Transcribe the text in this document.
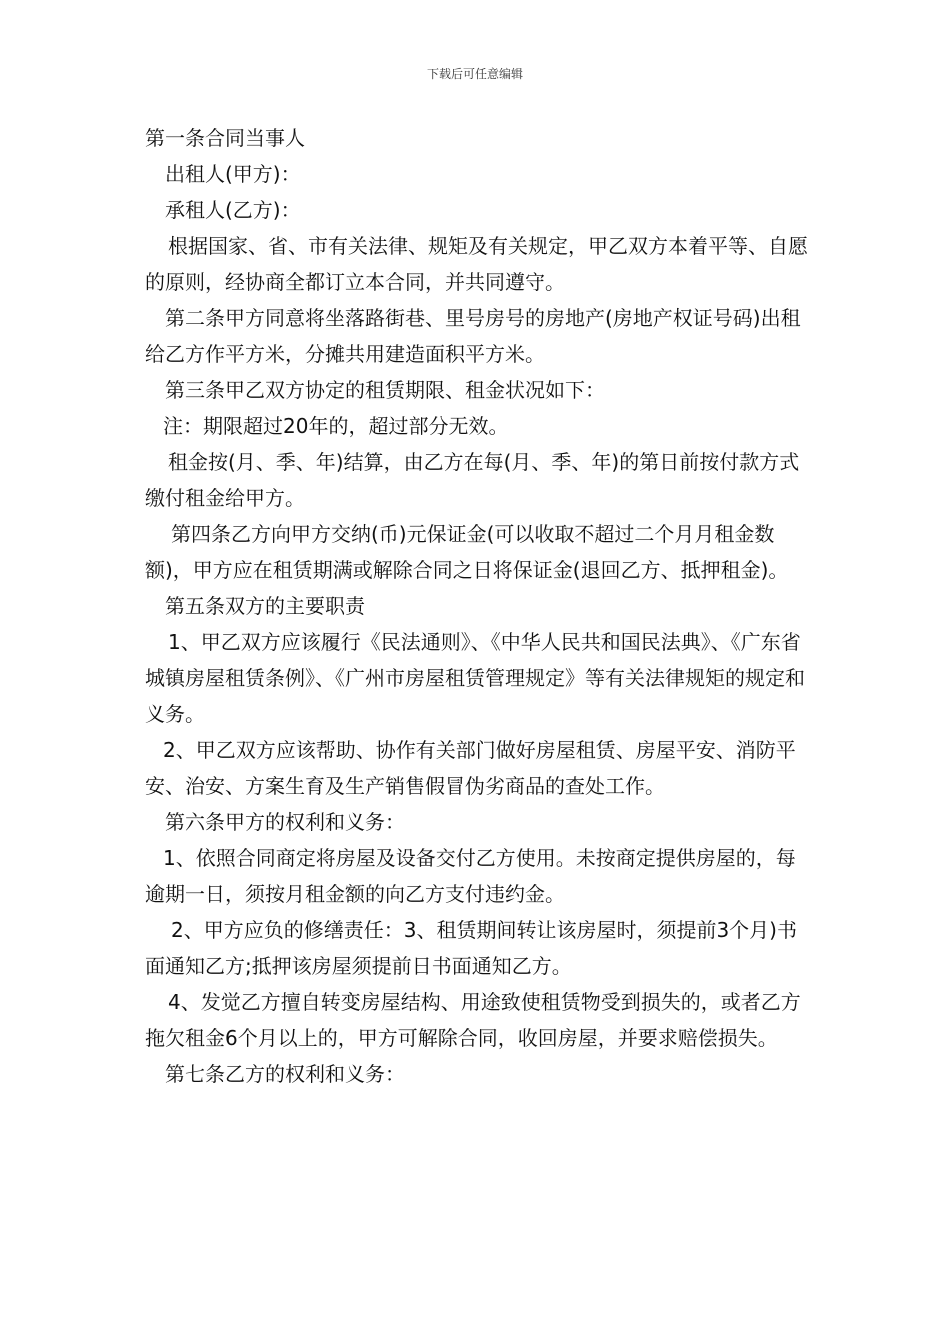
下载后可任意编辑

第一条合同当事人

出租人(甲方)：

承租人(乙方)：

根据国家、省、市有关法律、规矩及有关规定，甲乙双方本着平等、自愿的原则，经协商全都订立本合同，并共同遵守。

第二条甲方同意将坐落路街巷、里号房号的房地产(房地产权证号码)出租给乙方作平方米，分摊共用建造面积平方米。

第三条甲乙双方协定的租赁期限、租金状况如下：

注：期限超过20年的，超过部分无效。

租金按(月、季、年)结算，由乙方在每(月、季、年)的第日前按付款方式缴付租金给甲方。

第四条乙方向甲方交纳(币)元保证金(可以收取不超过二个月月租金数额)，甲方应在租赁期满或解除合同之日将保证金(退回乙方、抵押租金)。

第五条双方的主要职责

1、甲乙双方应该履行《民法通则》、《中华人民共和国民法典》、《广东省城镇房屋租赁条例》、《广州市房屋租赁管理规定》等有关法律规矩的规定和义务。

2、甲乙双方应该帮助、协作有关部门做好房屋租赁、房屋平安、消防平安、治安、方案生育及生产销售假冒伪劣商品的查处工作。

第六条甲方的权利和义务：

1、依照合同商定将房屋及设备交付乙方使用。未按商定提供房屋的，每逾期一日，须按月租金额的向乙方支付违约金。

2、甲方应负的修缮责任：3、租赁期间转让该房屋时，须提前3个月)书面通知乙方;抵押该房屋须提前日书面通知乙方。

4、发觉乙方擅自转变房屋结构、用途致使租赁物受到损失的，或者乙方拖欠租金6个月以上的，甲方可解除合同，收回房屋，并要求赔偿损失。

第七条乙方的权利和义务：
